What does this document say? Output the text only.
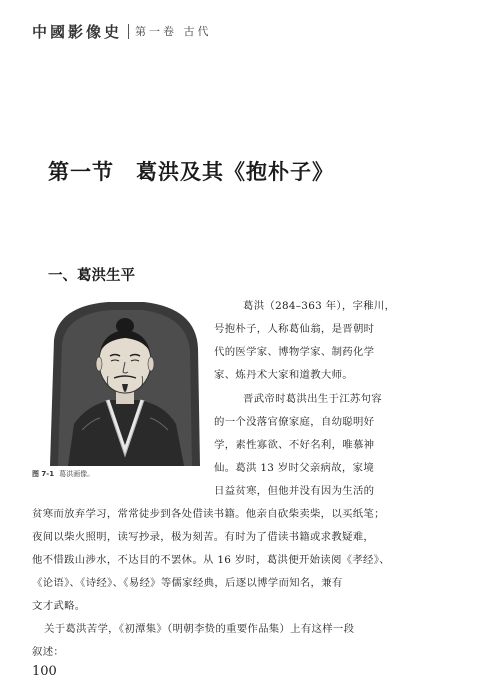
中國影像史 第一卷 古代
第一节　葛洪及其《抱朴子》
一、葛洪生平
图 7-1 葛洪画像。
葛洪（284–363 年），字稚川，
号抱朴子，人称葛仙翁，是晋朝时
代的医学家、博物学家、制药化学
家、炼丹术大家和道教大师。
晋武帝时葛洪出生于江苏句容
的一个没落官僚家庭，自幼聪明好
学，素性寡欲、不好名利，唯慕神
仙。葛洪 13 岁时父亲病故，家境
日益贫寒，但他并没有因为生活的
贫寒而放弃学习，常常徒步到各处借读书籍。他亲自砍柴卖柴，以买纸笔；
夜间以柴火照明，读写抄录，极为刻苦。有时为了借读书籍或求教疑难，
他不惜跋山涉水，不达目的不罢休。从 16 岁时，葛洪便开始读阅《孝经》、
《论语》、《诗经》、《易经》等儒家经典，后逐以博学而知名，兼有
文才武略。
关于葛洪苦学，《初潭集》（明朝李贽的重要作品集）上有这样一段
叙述：
100
